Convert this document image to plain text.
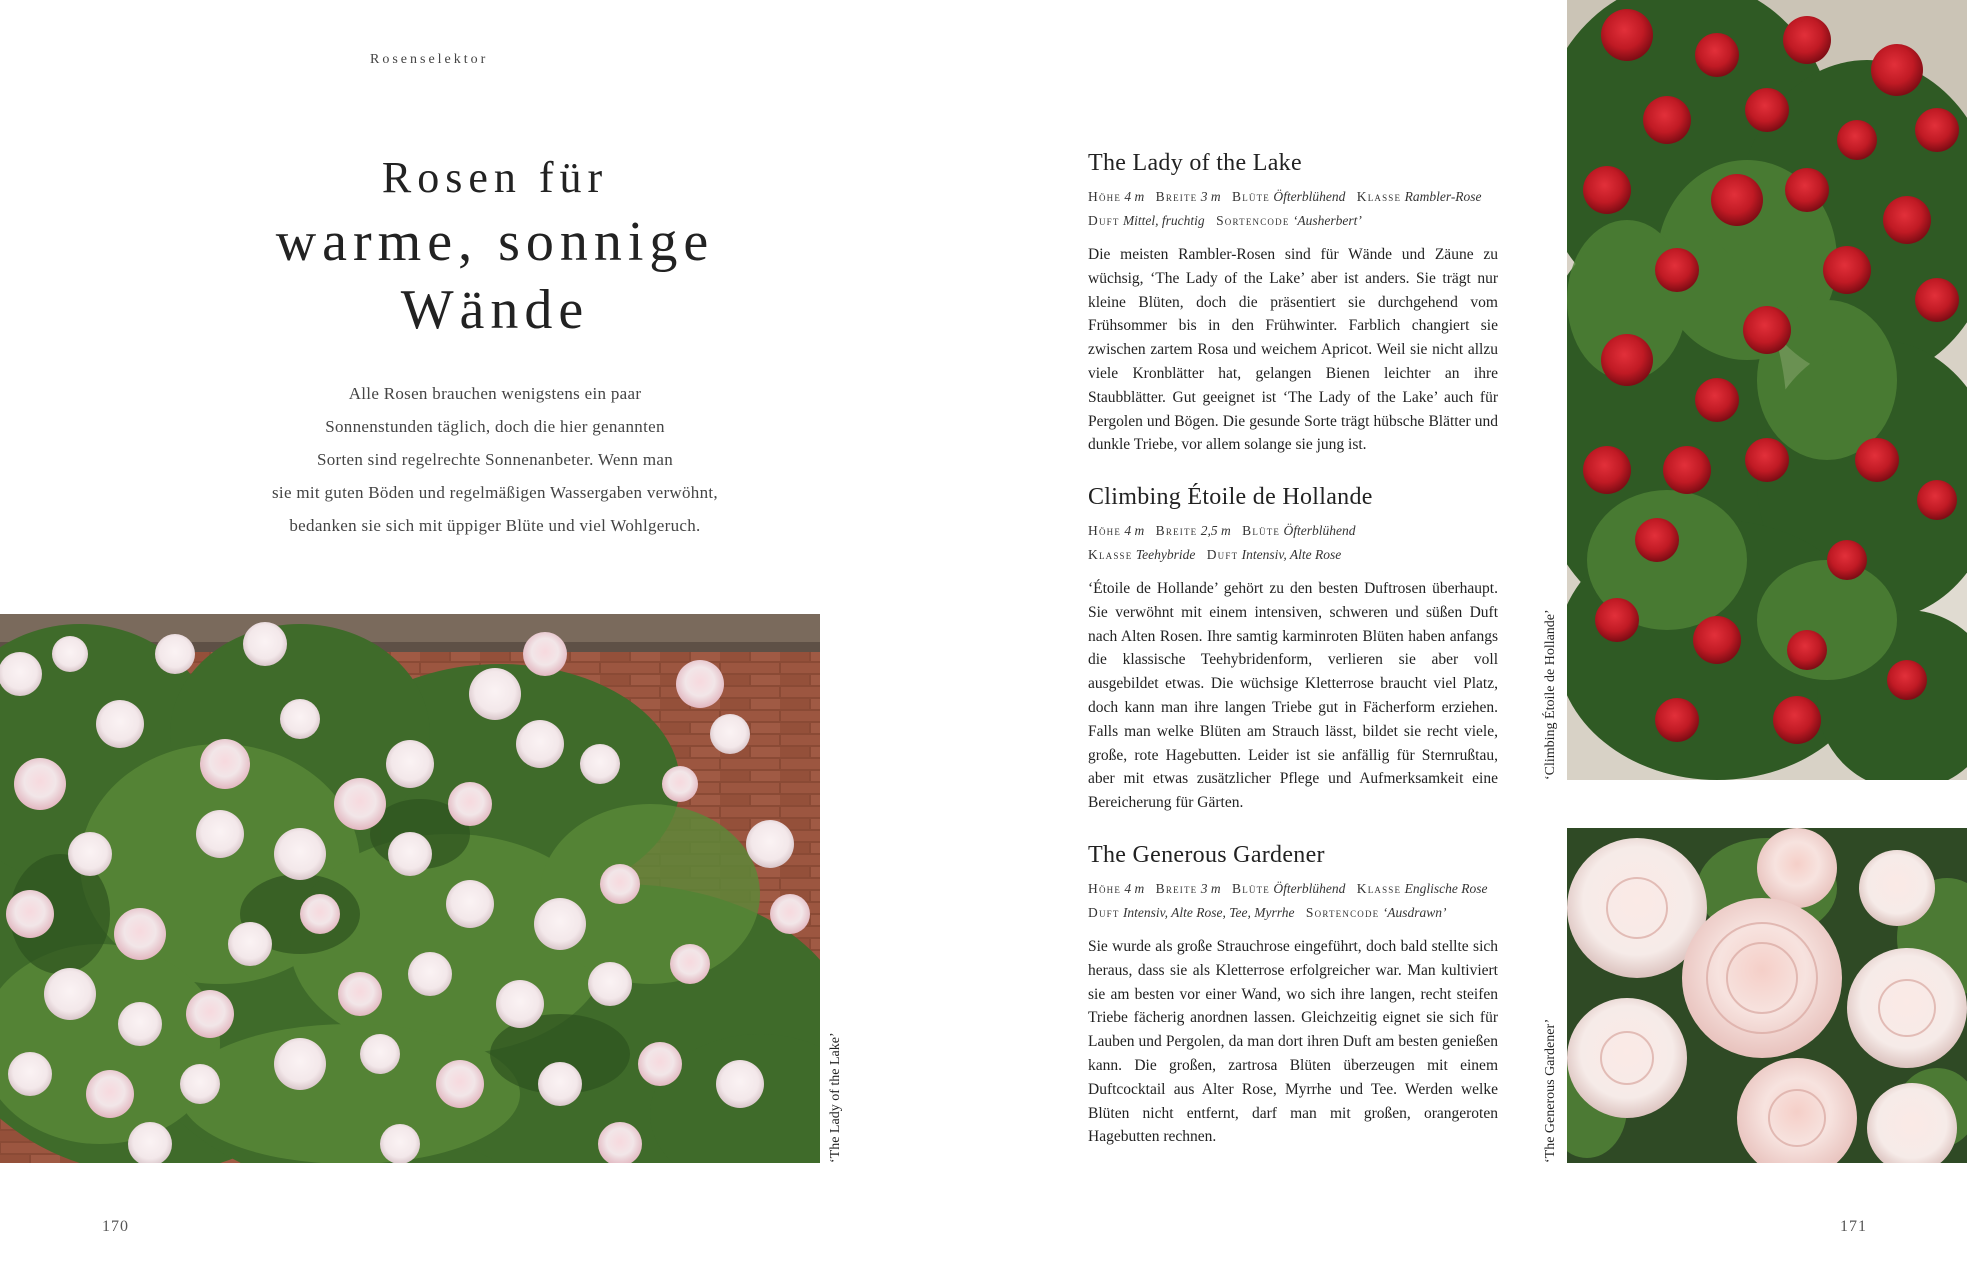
Rosenselektor
Rosen für
warme, sonnige
Wände
Alle Rosen brauchen wenigstens ein paar
Sonnenstunden täglich, doch die hier genannten
Sorten sind regelrechte Sonnenanbeter. Wenn man
sie mit guten Böden und regelmäßigen Wassergaben verwöhnt,
bedanken sie sich mit üppiger Blüte und viel Wohlgeruch.
‘The Lady of the Lake’
170
The Lady of the Lake

Höhe 4 m Breite 3 m Blüte Öfterblühend Klasse Rambler-Rose Duft Mittel, fruchtig Sortencode ‘Ausherbert’

Die meisten Rambler-Rosen sind für Wände und Zäune zu wüchsig, ‘The Lady of the Lake’ aber ist anders. Sie trägt nur kleine Blüten, doch die präsentiert sie durchgehend vom Frühsommer bis in den Frühwinter. Farblich changiert sie zwischen zartem Rosa und weichem Apricot. Weil sie nicht allzu viele Kronblätter hat, gelangen Bienen leichter an ihre Staubblätter. Gut geeignet ist ‘The Lady of the Lake’ auch für Pergolen und Bögen. Die gesunde Sorte trägt hübsche Blätter und dunkle Triebe, vor allem solange sie jung ist.

Climbing Étoile de Hollande

Höhe 4 m Breite 2,5 m Blüte Öfterblühend
Klasse Teehybride Duft Intensiv, Alte Rose

‘Étoile de Hollande’ gehört zu den besten Duftrosen überhaupt. Sie verwöhnt mit einem intensiven, schweren und süßen Duft nach Alten Rosen. Ihre samtig karminroten Blüten haben anfangs die klassische Teehybridenform, verlieren sie aber voll ausgebildet etwas. Die wüchsige Kletterrose braucht viel Platz, doch kann man ihre langen Triebe gut in Fächerform erziehen. Falls man welke Blüten am Strauch lässt, bildet sie recht viele, große, rote Hagebutten. Leider ist sie anfällig für Sternrußtau, aber mit etwas zusätzlicher Pflege und Aufmerksamkeit eine Bereicherung für Gärten.

The Generous Gardener

Höhe 4 m Breite 3 m Blüte Öfterblühend Klasse Englische Rose Duft Intensiv, Alte Rose, Tee, Myrrhe Sortencode ‘Ausdrawn’

Sie wurde als große Strauchrose eingeführt, doch bald stellte sich heraus, dass sie als Kletterrose erfolgreicher war. Man kultiviert sie am besten vor einer Wand, wo sich ihre langen, recht steifen Triebe fächerig anordnen lassen. Gleichzeitig eignet sie sich für Lauben und Pergolen, da man dort ihren Duft am besten genießen kann. Die großen, zartrosa Blüten überzeugen mit einem Duftcocktail aus Alter Rose, Myrrhe und Tee. Werden welke Blüten nicht entfernt, darf man mit großen, orangeroten Hagebutten rechnen.

‘Climbing Étoile de Hollande’
‘The Generous Gardener’
171
